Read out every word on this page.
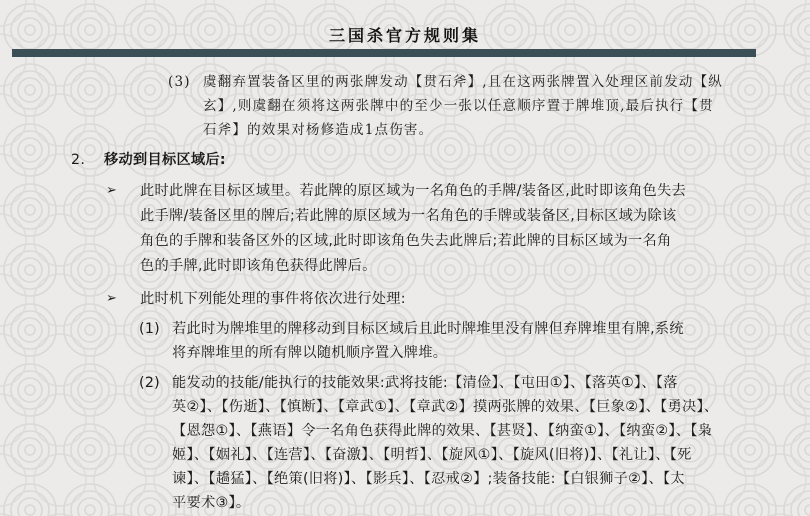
三国杀官方规则集
(3) 虞翻弃置装备区里的两张牌发动【贯石斧】,且在这两张牌置入处理区前发动【纵
玄】,则虞翻在须将这两张牌中的至少一张以任意顺序置于牌堆顶,最后执行【贯
石斧】的效果对杨修造成1点伤害。
2. 移动到目标区域后:
➢ 此时此牌在目标区域里。若此牌的原区域为一名角色的手牌/装备区,此时即该角色失去
此手牌/装备区里的牌后;若此牌的原区域为一名角色的手牌或装备区,目标区域为除该
角色的手牌和装备区外的区域,此时即该角色失去此牌后;若此牌的目标区域为一名角
色的手牌,此时即该角色获得此牌后。
➢ 此时机下列能处理的事件将依次进行处理:
(1) 若此时为牌堆里的牌移动到目标区域后且此时牌堆里没有牌但弃牌堆里有牌,系统
将弃牌堆里的所有牌以随机顺序置入牌堆。
(2) 能发动的技能/能执行的技能效果:武将技能:【清俭】、【屯田①】、【落英①】、【落
英②】、【伤逝】、【慎断】、【章武①】、【章武②】摸两张牌的效果、【巨象②】、【勇决】、
【恩怨①】、【燕语】令一名角色获得此牌的效果、【甚贤】、【纳蛮①】、【纳蛮②】、【枭
姬】、【姻礼】、【连营】、【奋激】、【明哲】、【旋风①】、【旋风(旧将)】、【礼让】、【死
谏】、【趫猛】、【绝策(旧将)】、【影兵】、【忍戒②】;装备技能:【白银狮子②】、【太
平要术③】。
